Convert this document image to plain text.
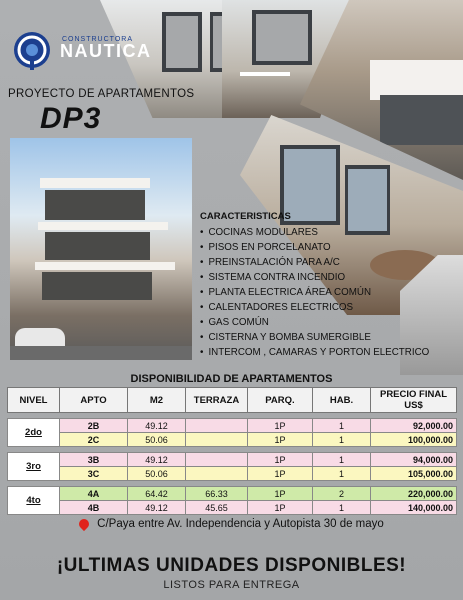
CONSTRUCTORA
NAUTICA
PROYECTO DE APARTAMENTOS
DP3
CARACTERISTICAS
• COCINAS MODULARES
• PISOS EN PORCELANATO
• PREINSTALACIÓN PARA A/C
• SISTEMA CONTRA INCENDIO
• PLANTA ELECTRICA ÁREA COMÚN
• CALENTADORES ELECTRICOS
• GAS COMÚN
• CISTERNA Y BOMBA SUMERGIBLE
• INTERCOM , CAMARAS Y PORTON ELECTRICO
DISPONIBILIDAD DE APARTAMENTOS
NIVEL	APTO	M2	TERRAZA	PARQ.	HAB.	PRECIO FINAL US$

2do	2B	49.12		1P	1	92,000.00
	2C	50.06		1P	1	100,000.00

3ro	3B	49.12		1P	1	94,000.00
	3C	50.06		1P	1	105,000.00

4to	4A	64.42	66.33	1P	2	220,000.00
	4B	49.12	45.65	1P	1	140,000.00
C/Paya entre Av. Independencia y Autopista 30 de mayo
¡ULTIMAS UNIDADES DISPONIBLES!
LISTOS PARA ENTREGA
